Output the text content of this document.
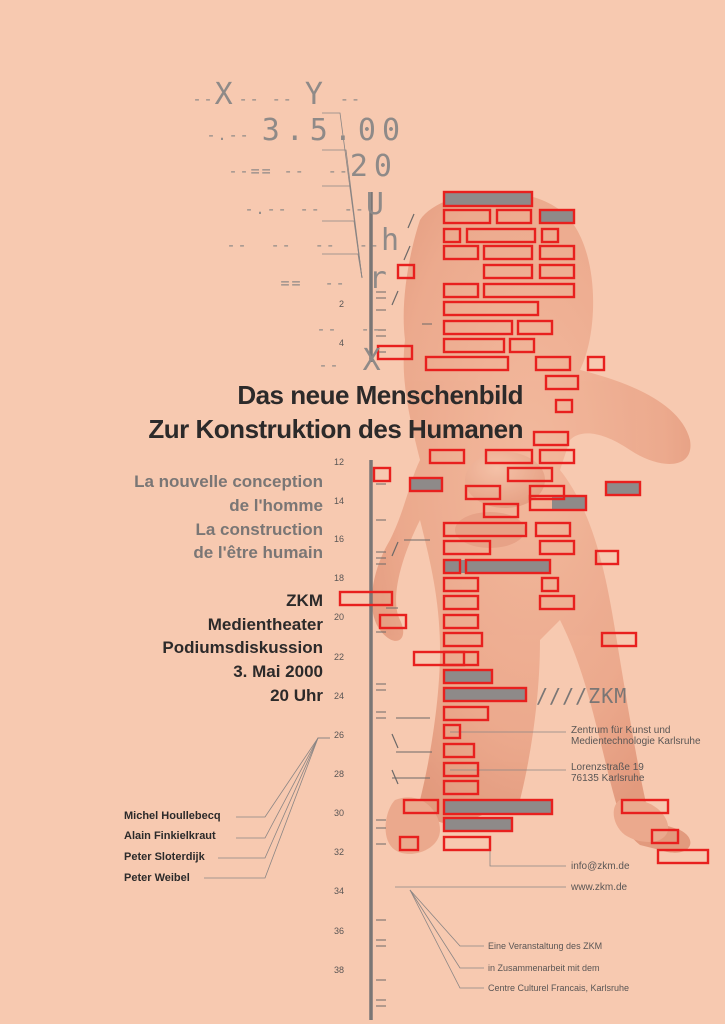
--X-- -- Y --

-.-- 3.5.00

--== --  --20

-.-- --  --U

--  --  --  --h

==  --  r

--  --

--  X

Das neue Menschenbild
Zur Konstruktion des Humanen
La nouvelle conception
de l'homme
La construction
de l'être humain
ZKM
Medientheater
Podiumsdiskussion
3. Mai 2000
20 Uhr
Michel Houllebecq
Alain Finkielkraut
Peter Sloterdijk
Peter Weibel
2
4
12
14
16
18
20
22
24
26
28
30
32
34
36
38
////ZKM
Zentrum für Kunst und
Medientechnologie Karlsruhe
Lorenzstraße 19
76135 Karlsruhe
info@zkm.de
www.zkm.de
Eine Veranstaltung des ZKM
in Zusammenarbeit mit dem
Centre Culturel Francais, Karlsruhe
